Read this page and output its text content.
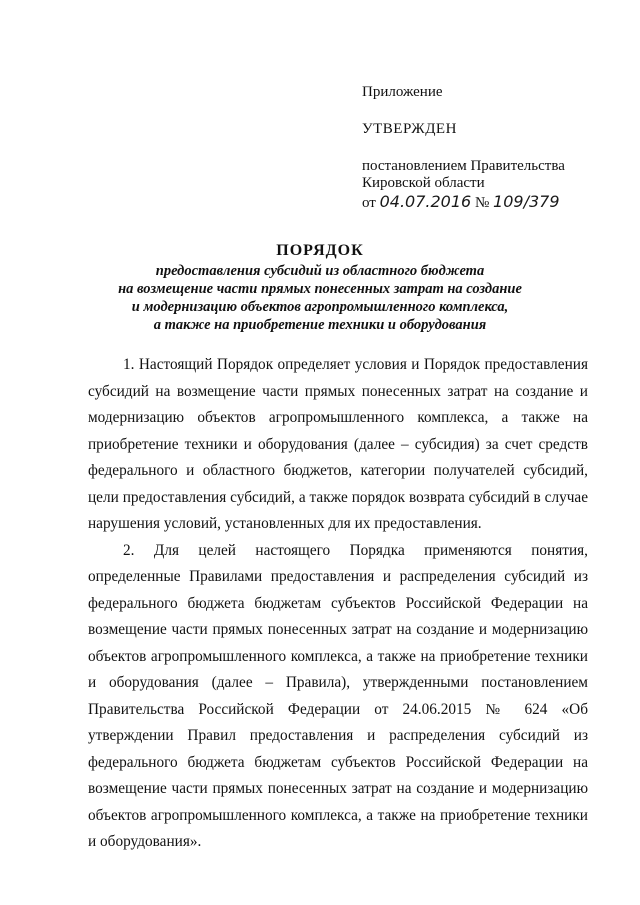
Приложение
УТВЕРЖДЕН
постановлением Правительства
Кировской области
от 04.07.2016 № 109/379
ПОРЯДОК
предоставления субсидий из областного бюджета
на возмещение части прямых понесенных затрат на создание
и модернизацию объектов агропромышленного комплекса,
а также на приобретение техники и оборудования

1. Настоящий Порядок определяет условия и Порядок предоставления субсидий на возмещение части прямых понесенных затрат на создание и модернизацию объектов агропромышленного комплекса, а также на приобретение техники и оборудования (далее – субсидия) за счет средств федерального и областного бюджетов, категории получателей субсидий, цели предоставления субсидий, а также порядок возврата субсидий в случае нарушения условий, установленных для их предоставления.

2. Для целей настоящего Порядка применяются понятия, определенные Правилами предоставления и распределения субсидий из федерального бюджета бюджетам субъектов Российской Федерации на возмещение части прямых понесенных затрат на создание и модернизацию объектов агропромышленного комплекса, а также на приобретение техники и оборудования (далее – Правила), утвержденными постановлением Правительства Российской Федерации от 24.06.2015 № 624 «Об утверждении Правил предоставления и распределения субсидий из федерального бюджета бюджетам субъектов Российской Федерации на возмещение части прямых понесенных затрат на создание и модернизацию объектов агропромышленного комплекса, а также на приобретение техники и оборудования».
